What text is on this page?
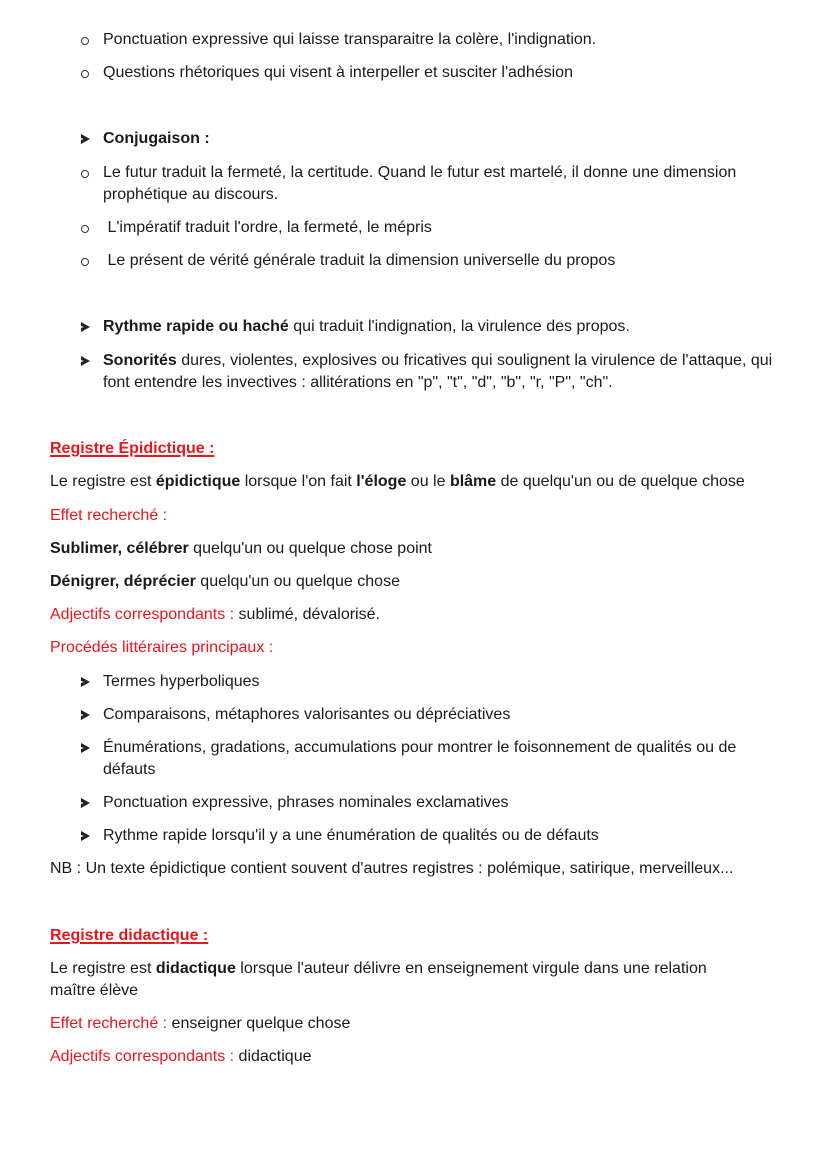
Ponctuation expressive qui laisse transparaitre la colère, l'indignation.
Questions rhétoriques qui visent à interpeller et susciter l'adhésion
Conjugaison :
Le futur traduit la fermeté, la certitude. Quand le futur est martelé, il donne une dimension prophétique au discours.
L'impératif traduit l'ordre, la fermeté, le mépris
Le présent de vérité générale traduit la dimension universelle du propos
Rythme rapide ou haché qui traduit l'indignation, la virulence des propos.
Sonorités dures, violentes, explosives ou fricatives qui soulignent la virulence de l'attaque, qui font entendre les invectives : allitérations en "p", "t", "d", "b", "r, "P", "ch".
Registre Épidictique :
Le registre est épidictique lorsque l'on fait l'éloge ou le blâme de quelqu'un ou de quelque chose
Effet recherché :
Sublimer, célébrer quelqu'un ou quelque chose point
Dénigrer, déprécier quelqu'un ou quelque chose
Adjectifs correspondants : sublimé, dévalorisé.
Procédés littéraires principaux :
Termes hyperboliques
Comparaisons, métaphores valorisantes ou dépréciatives
Énumérations, gradations, accumulations pour montrer le foisonnement de qualités ou de défauts
Ponctuation expressive, phrases nominales exclamatives
Rythme rapide lorsqu'il y a une énumération de qualités ou de défauts
NB : Un texte épidictique contient souvent d'autres registres : polémique, satirique, merveilleux...
Registre didactique :
Le registre est didactique lorsque l'auteur délivre en enseignement virgule dans une relation maître élève
Effet recherché : enseigner quelque chose
Adjectifs correspondants : didactique
